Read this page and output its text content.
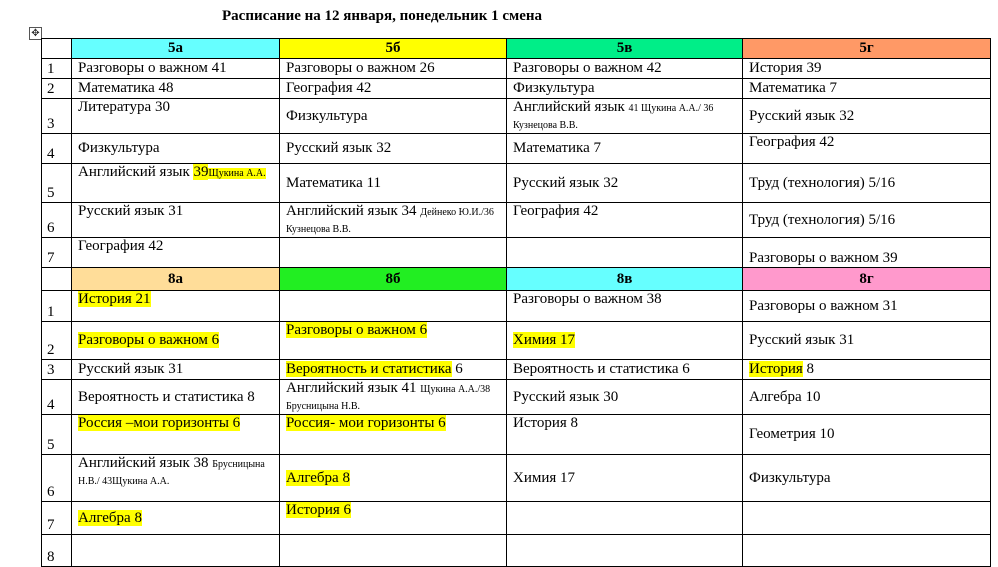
Расписание на 12 января, понедельник 1 смена
✥
	5а	5б	5в	5г
1	Разговоры о важном 41	Разговоры о важном 26	Разговоры о важном 42	История 39
2	Математика 48	География 42	Физкультура	Математика 7
3	Литература 30	Физкультура	Английский язык 41 Щукина А.А./ 36 Кузнецова В.В.	Русский язык 32
4	Физкультура	Русский язык 32	Математика 7	География 42
5	Английский язык 39Щукина А.А.	Математика 11	Русский язык 32	Труд (технология) 5/16
6	Русский язык 31	Английский язык 34 Дейнеко Ю.И./36 Кузнецова В.В.	География 42	Труд (технология) 5/16
7	География 42			Разговоры о важном 39
	8а	8б	8в	8г
1	История 21		Разговоры о важном 38	Разговоры о важном 31
2	Разговоры о важном 6	Разговоры о важном 6	Химия 17	Русский язык 31
3	Русский язык 31	Вероятность и статистика 6	Вероятность и статистика 6	История 8
4	Вероятность и статистика 8	Английский язык 41 Щукина А.А./38 Брусницына Н.В.	Русский язык 30	Алгебра 10
5	Россия –мои горизонты 6	Россия- мои горизонты 6	История 8	Геометрия 10
6	Английский язык 38 Брусницына Н.В./ 43Щукина А.А.	Алгебра 8	Химия 17	Физкультура
7	Алгебра 8	История 6		
8				
